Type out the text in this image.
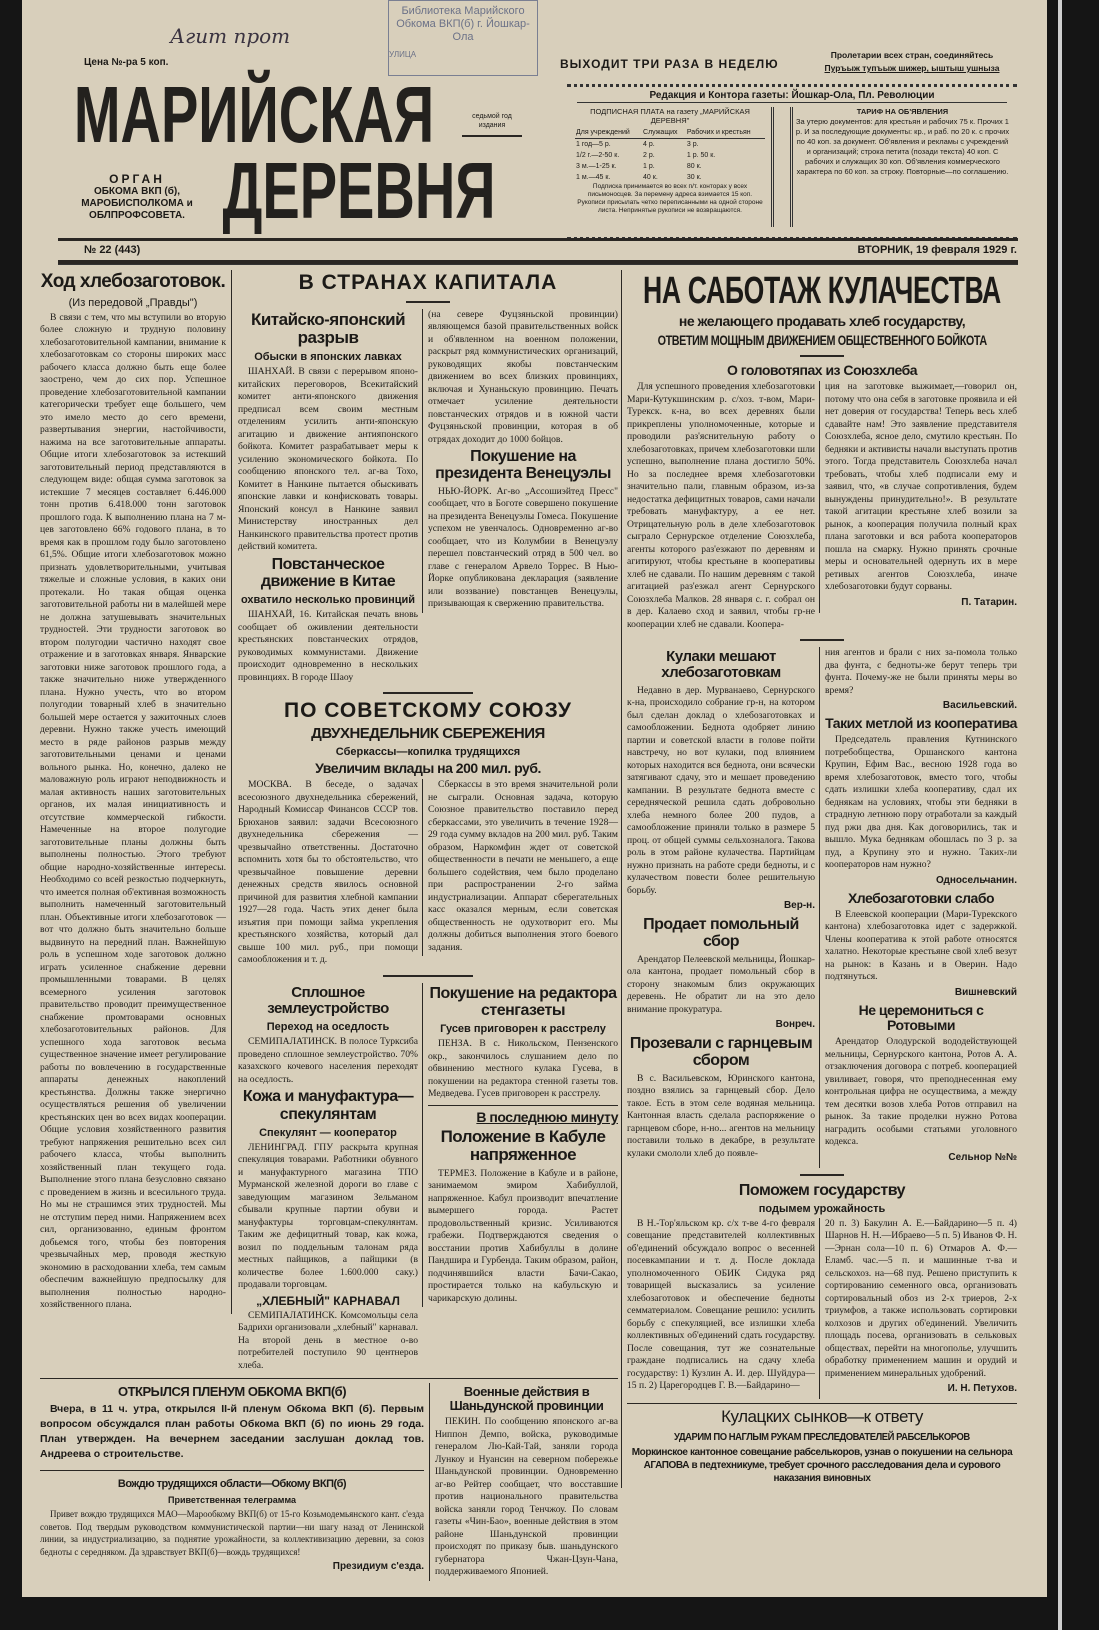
Агит прот
Библиотека Марийского Обкома ВКП(б) г. Йошкар-Ола
УЛИЦА
Цена №-ра 5 коп.
МАРИЙСКАЯ
ДЕРЕВНЯ
седьмой год издания
ОРГАН
ОБКОМА ВКП (б), МАРОБИСПОЛКОМА и ОБЛПРОФСОВЕТА.
ВЫХОДИТ ТРИ РАЗА В НЕДЕЛЮ
Пролетарии всех стран, соединяйтесь
Пуръыж тупъыж шижер, ыштыш ушныза
Редакция и Контора газеты: Йошкар-Ола, Пл. Революции
ПОДПИСНАЯ ПЛАТА на газету „МАРИЙСКАЯ ДЕРЕВНЯ"
Для учреждений	Служащих	Рабочих и крестьян
1 год—5 р.	4 р.	3 р.
1/2 г.—2-50 к.	2 р.	1 р. 50 к.
3 м.—1-25 к.	1 р.	80 к.
1 м.—45 к.	40 к.	30 к.
Подписка принимается во всех п/т. конторах у всех письмоносцев. За перемену адреса взимается 15 коп. Рукописи присылать четко переписанными на одной стороне листа. Непринятые рукописи не возвращаются.
ТАРИФ НА ОБ'ЯВЛЕНИЯ
За утерю документов: для крестьян и рабочих 75 к. Прочих 1 р. И за последующие документы: кр., и раб. по 20 к. с прочих по 40 коп. за документ. Об'явления и рекламы с учреждений и организаций; строка петита (позади текста) 40 коп. С рабочих и служащих 30 коп. Об'явления коммерческого характера по 60 коп. за строку. Повторные—по соглашению.
№ 22 (443)	ВТОРНИК, 19 февраля 1929 г.
Ход хлебозаготовок.
(Из передовой „Правды")
В связи с тем, что мы вступили во вторую более сложную и трудную половину хлебозаготовительной кампании, внимание к хлебозаготовкам со стороны широких масс рабочего класса должно быть еще более заострено, чем до сих пор. Успешное проведение хлебозаготовительной кампании категорически требует еще большего, чем это имело место до сего времени, развертывания энергии, настойчивости, нажима на все заготовительные аппараты. Общие итоги хлебозаготовок за истекший заготовительный период представляются в следующем виде: общая сумма заготовок за истекшие 7 месяцев составляет 6.446.000 тонн против 6.418.000 тонн заготовок прошлого года. К выполнению плана на 7 м-цев заготовлено 66% годового плана, в то время как в прошлом году было заготовлено 61,5%. Общие итоги хлебозаготовок можно признать удовлетворительными, учитывая тяжелые и сложные условия, в каких они протекали. Но такая общая оценка заготовительной работы ни в малейшей мере не должна затушевывать значительных трудностей. Эти трудности заготовок во втором полугодии частично находят свое отражение и в заготовках января. Январские заготовки ниже заготовок прошлого года, а также значительно ниже утвержденного плана. Нужно учесть, что во втором полугодии товарный хлеб в значительно большей мере остается у зажиточных слоев деревни. Нужно также учесть имеющий место в ряде районов разрыв между заготовительными ценами и ценами вольного рынка. Но, конечно, далеко не маловажную роль играют неподвижность и малая активность наших заготовительных органов, их малая инициативность и отсутствие коммерческой гибкости. Намеченные на второе полугодие заготовительные планы должны быть выполнены полностью. Этого требуют общие народно-хозяйственные интересы. Необходимо со всей резкостью подчеркнуть, что имеется полная об'ективная возможность выполнить намеченный заготовительный план. Объективные итоги хлебозаготовок — вот что должно быть значительно больше выдвинуто на передний план. Важнейшую роль в успешном ходе заготовок должно играть усиленное снабжение деревни промышленными товарами. В целях всемерного усиления заготовок правительство проводит преимущественное снабжение промтоварами основных хлебозаготовительных районов. Для успешного хода заготовок весьма существенное значение имеет регулирование работы по вовлечению в государственные аппараты денежных накоплений крестьянства. Должны также энергично осуществляться решения об увеличении крестьянских цен во всех видах кооперации. Общие условия хозяйственного развития требуют напряжения решительно всех сил рабочего класса, чтобы выполнить хозяйственный план текущего года. Выполнение этого плана безусловно связано с проведением в жизнь и всесильного труда. Но мы не страшимся этих трудностей. Мы не отступим перед ними. Напряжением всех сил, организованно, единым фронтом добьемся того, чтобы без повторения чрезвычайных мер, проводя жесткую экономию в расходовании хлеба, тем самым обеспечим важнейшую предпосылку для выполнения полностью народно-хозяйственного плана.
В СТРАНАХ КАПИТАЛА
Китайско-японский разрыв
Обыски в японских лавках
ШАНХАЙ. В связи с перерывом японо-китайских переговоров, Всекитайский комитет анти-японского движения предписал всем своим местным отделениям усилить анти-японскую агитацию и движение антияпонского бойкота. Комитет разрабатывает меры к усилению экономического бойкота. По сообщению японского тел. аг-ва Тохо, Комитет в Нанкине пытается обыскивать японские лавки и конфисковать товары. Японский консул в Нанкине заявил Министерству иностранных дел Нанкинского правительства протест против действий комитета.
Повстанческое движение в Китае
охватило несколько провинций
ШАНХАЙ, 16. Китайская печать вновь сообщает об оживлении деятельности крестьянских повстанческих отрядов, руководимых коммунистами. Движение происходит одновременно в нескольких провинциях. В городе Шаоу
(на севере Фуцзяньской провинции) являющемся базой правительственных войск и об'явленном на военном положении, раскрыт ряд коммунистических организаций, руководящих якобы повстанческим движением во всех близких провинциях, включая и Хунаньскую провинцию. Печать отмечает усиление деятельности повстанческих отрядов и в южной части Фуцзяньской провинции, которая в об отрядах доходит до 1000 бойцов.
Покушение на президента Венецуэлы
НЬЮ-ЙОРК. Аг-во „Ассошиэйтед Пресс" сообщает, что в Боготе совершено покушение на президента Венецуэлы Гомеса. Покушение успехом не увенчалось. Одновременно аг-во сообщает, что из Колумбии в Венецуэлу перешел повстанческий отряд в 500 чел. во главе с генералом Арвело Торрес. В Нью-Йорке опубликована декларация (заявление или воззвание) повстанцев Венецуэлы, призывающая к свержению правительства.
ПО СОВЕТСКОМУ СОЮЗУ
ДВУХНЕДЕЛЬНИК СБЕРЕЖЕНИЯ
Сберкассы—копилка трудящихся
Увеличим вклады на 200 мил. руб.
МОСКВА. В беседе, о задачах всесоюзного двухнедельника сбережений, Народный Комиссар Финансов СССР тов. Брюханов заявил: задачи Всесоюзного двухнедельника сбережения — чрезвычайно ответственны. Достаточно вспомнить хотя бы то обстоятельство, что чрезвычайное повышение деревни денежных средств явилось основной причиной для развития хлебной кампании 1927—28 года. Часть этих денег была изъятия при помощи займа укрепления крестьянского хозяйства, который дал свыше 100 мил. руб., при помощи самообложения и т. д.
Сберкассы в это время значительной роли не сыграли. Основная задача, которую Союзное правительство поставило перед сберкассами, это увеличить в течение 1928—29 года сумму вкладов на 200 мил. руб. Таким образом, Наркомфин ждет от советской общественности в печати не меньшего, а еще большего содействия, чем было проделано при распространении 2-го займа индустриализации. Аппарат сберегательных касс оказался мерным, если советская общественность не одухотворит его. Мы должны добиться выполнения этого боевого задания.
Сплошное землеустройство
Переход на оседлость
СЕМИПАЛАТИНСК. В полосе Турксиба проведено сплошное землеустройство. 70% казахского кочевого населения переходят на оседлость.
Кожа и мануфактура—спекулянтам
Спекулянт — кооператор
ЛЕНИНГРАД. ГПУ раскрыта крупная спекуляция товарами. Работники обувного и мануфактурного магазина ТПО Мурманской железной дороги во главе с заведующим магазином Зельманом сбывали крупные партии обуви и мануфактуры торговцам-спекулянтам. Таким же дефицитный товар, как кожа, возил по поддельным талонам ряда местных пайщиков, а пайщики (в количестве более 1.600.000 саку.) продавали торговцам.
„ХЛЕБНЫЙ" КАРНАВАЛ
СЕМИПАЛАТИНСК. Комсомольцы села Бадрихи организовали „хлебный" карнавал. На второй день в местное о-во потребителей поступило 90 центнеров хлеба.
Покушение на редактора стенгазеты
Гусев приговорен к расстрелу
ПЕНЗА. В с. Никольском, Пензенского окр., закончилось слушанием дело по обвинению местного кулака Гусева, в покушении на редактора стенной газеты тов. Медведева. Гусев приговорен к расстрелу.
В последнюю минуту
Положение в Кабуле напряженное
ТЕРМЕЗ. Положение в Кабуле и в районе, занимаемом эмиром Хабибуллой, напряженное. Кабул производит впечатление вымершего города. Растет продовольственный кризис. Усиливаются грабежи. Подтверждаются сведения о восстании против Хабибуллы в долине Пандшира и Гурбенда. Таким образом, район, подчинявшийся власти Бачи-Сакао, простирается только на кабульскую и чарикарскую долины.
ОТКРЫЛСЯ ПЛЕНУМ ОБКОМА ВКП(б)
Вчера, в 11 ч. утра, открылся II-й пленум Обкома ВКП (б). Первым вопросом обсуждался план работы Обкома ВКП (б) по июнь 29 года. План утвержден. На вечернем заседании заслушан доклад тов. Андреева о строительстве.
Вождю трудящихся области—Обкому ВКП(б)
Приветственная телеграмма
Привет вождю трудящихся МАО—Марообкому ВКП(б) от 15-го Козьмодемьянского кант. с'езда советов. Под твердым руководством коммунистической партии—ни шагу назад от Ленинской линии, за индустриализацию, за поднятие урожайности, за коллективизацию деревни, за союз бедноты с середняком. Да здравствует ВКП(б)—вождь трудящихся!
Президиум с'езда.
Военные действия в Шаньдунской провинции
ПЕКИН. По сообщению японского аг-ва Ниппон Демпо, войска, руководимые генералом Лю-Кай-Тай, заняли города Лункоу и Нуансин на северном побережье Шаньдунской провинции. Одновременно аг-во Рейтер сообщает, что восставшие против национального правительства войска заняли город Тенчжоу. По словам газеты «Чин-Бао», военные действия в этом районе Шаньдунской провинции происходят по приказу быв. шаньдунского губернатора Чжан-Цзун-Чана, поддерживаемого Японией.
НА САБОТАЖ КУЛАЧЕСТВА
не желающего продавать хлеб государству,
ОТВЕТИМ МОЩНЫМ ДВИЖЕНИЕМ ОБЩЕСТВЕННОГО БОЙКОТА
О головотяпах из Союзхлеба
Для успешного проведения хлебозаготовки Мари-Кутукшинским р. с/хоз. т-вом, Мари-Турекск. к-на, во всех деревнях были прикреплены уполномоченные, которые и проводили раз'яснительную работу о хлебозаготовках, причем хлебозаготовки шли успешно, выполнение плана достигло 50%. Но за последнее время хлебозаготовки значительно пали, главным образом, из-за недостатка дефицитных товаров, сами начали требовать мануфактуру, а ее нет. Отрицательную роль в деле хлебозаготовок сыграло Сернурское отделение Союзхлеба, агенты которого раз'езжают по деревням и агитируют, чтобы крестьяне в кооперативы хлеб не сдавали. По нашим деревням с такой агитацией раз'езжал агент Сернурского Союзхлеба Малков. 28 января с. г. собрал он в дер. Калаево сход и заявил, чтобы гр-не кооперации хлеб не сдавали. Коопера-
ция на заготовке выжимает,—говорил он, потому что она себя в заготовке проявила и ей нет доверия от государства! Теперь весь хлеб сдавайте нам! Это заявление представителя Союзхлеба, ясное дело, смутило крестьян. По бедняки и активисты начали выступать против этого. Тогда представитель Союзхлеба начал требовать, чтобы хлеб подписали ему и заявил, что, «в случае сопротивления, будем вынуждены принудительно!». В результате такой агитации крестьяне хлеб возили за рынок, а кооперация получила полный крах плана заготовки и вся работа кооператоров пошла на смарку. Нужно принять срочные меры и основательней одернуть их в мере ретивых агентов Союзхлеба, иначе хлебозаготовки будут сорваны.
П. Татарин.
Кулаки мешают хлебозаготовкам
Недавно в дер. Мурванаево, Сернурского к-на, происходило собрание гр-н, на котором был сделан доклад о хлебозаготовках и самообложении. Беднота одобряет линию партии и советской власти в голове пойти навстречу, но вот кулаки, под влиянием которых находится вся беднота, они всячески затягивают сдачу, это и мешает проведению кампании. В результате беднота вместе с середняческой решила сдать добровольно хлеба немного более 200 пудов, а самообложение приняли только в размере 5 проц. от общей суммы сельхозналога. Такова роль в этом районе кулачества. Партийцам нужно признать на работе среди бедноты, и с кулачеством повести более решительную борьбу.
Вер-н.
Продает помольный сбор
Арендатор Пелеевской мельницы, Йошкар-ола кантона, продает помольный сбор в сторону знакомым близ окружающих деревень. Не обратит ли на это дело внимание прокуратура.
Вонреч.
Прозевали с гарнцевым сбором
В с. Васильевском, Юринского кантона, поздно взялись за гарнцевый сбор. Дело такое. Есть в этом селе водяная мельница. Кантонная власть сделала распоряжение о гарнцевом сборе, н-но... агентов на мельницу поставили только в декабре, в результате кулаки смололи хлеб до появле-
ния агентов и брали с них за-помола только два фунта, с бедноты-же берут теперь три фунта. Почему-же не были приняты меры во время?
Васильевский.
Таких метлой из кооператива
Председатель правления Кутнинского потребобщества, Оршанского кантона Крупин, Ефим Вас., весною 1928 года во время хлебозаготовок, вместо того, чтобы сдать излишки хлеба кооперативу, сдал их беднякам на условиях, чтобы эти бедняки в страдную летнюю пору отработали за каждый пуд ржи два дня. Как договорились, так и вышло. Мука беднякам обошлась по 3 р. за пуд, а Крупину это и нужно. Таких-ли кооператоров нам нужно?
Односельчанин.
Хлебозаготовки слабо
В Елеевской кооперации (Мари-Турекского кантона) хлебозаготовка идет с задержкой. Члены кооператива к этой работе относятся халатно. Некоторые крестьяне свой хлеб везут на рынок: в Казань и в Оверин. Надо подтянуться.
Вишневский
Не церемониться с Ротовыми
Арендатор Олодурской вододействующей мельницы, Сернурского кантона, Ротов А. А. отзаключения договора с потреб. кооперацией увиливает, говоря, что преподнесенная ему контрольная цифра не осуществима, а между тем десятки возов хлеба Ротов отправил на рынок. За такие проделки нужно Ротова наградить особыми статьями уголовного кодекса.
Сельнор №№
Поможем государству
подымем урожайность
В Н.-Тор'яльском кр. с/х т-ве 4-го февраля совещание представителей коллективных об'единений обсуждало вопрос о весенней посевкампании и т. д. После доклада уполномоченного ОБИК Сидука ряд товарищей высказались за усиление хлебозаготовок и обеспечение бедноты семматериалом. Совещание решило: усилить борьбу с спекуляцией, все излишки хлеба коллективных об'единений сдать государству. После совещания, тут же сознательные граждане подписались на сдачу хлеба государству: 1) Кузлин А. И. дер. Шуйдура—15 п. 2) Царегородцев Г. В.—Байдарино—
20 п. 3) Бакулин А. Е.—Байдарино—5 п. 4) Шарнов Н. Н.—Ибраево—5 п. 5) Иванов Ф. Н.—Эрнан сола—10 п. 6) Отмаров А. Ф.—Еламб. час.—5 п. и машинные т-ва и сельскохоз. на—68 пуд. Решено приступить к сортированию семенного овса, организовать сортировальный обоз из 2-х триеров, 2-х триумфов, а также использовать сортировки колхозов и других об'единений. Увеличить площадь посева, организовать в сельковых обществах, перейти на многополье, улучшить обработку применением машин и орудий и применением минеральных удобрений.
И. Н. Петухов.
Кулацких сынков—к ответу
УДАРИМ ПО НАГЛЫМ РУКАМ ПРЕСЛЕДОВАТЕЛЕЙ РАБСЕЛЬКОРОВ
Моркинское кантонное совещание рабселькоров, узнав о покушении на сельнора АГАПОВА в педтехникуме, требует срочного расследования дела и сурового наказания виновных
